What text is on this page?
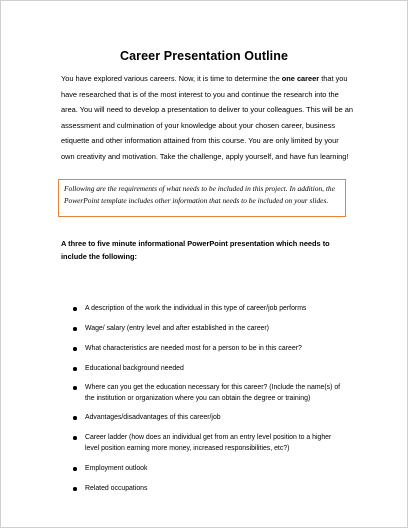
Career Presentation Outline
You have explored various careers. Now, it is time to determine the one career that you have researched that is of the most interest to you and continue the research into the area. You will need to develop a presentation to deliver to your colleagues. This will be an assessment and culmination of your knowledge about your chosen career, business etiquette and other information attained from this course. You are only limited by your own creativity and motivation. Take the challenge, apply yourself, and have fun learning!
Following are the requirements of what needs to be included in this project. In addition, the PowerPoint template includes other information that needs to be included on your slides.
A three to five minute informational PowerPoint presentation which needs to include the following:
A description of the work the individual in this type of career/job performs
Wage/ salary (entry level and after established in the career)
What characteristics are needed most for a person to be in this career?
Educational background needed
Where can you get the education necessary for this career? (Include the name(s) of the institution or organization where you can obtain the degree or training)
Advantages/disadvantages of this career/job
Career ladder (how does an individual get from an entry level position to a higher level position earning more money, increased responsibilities, etc?)
Employment outlook
Related occupations
